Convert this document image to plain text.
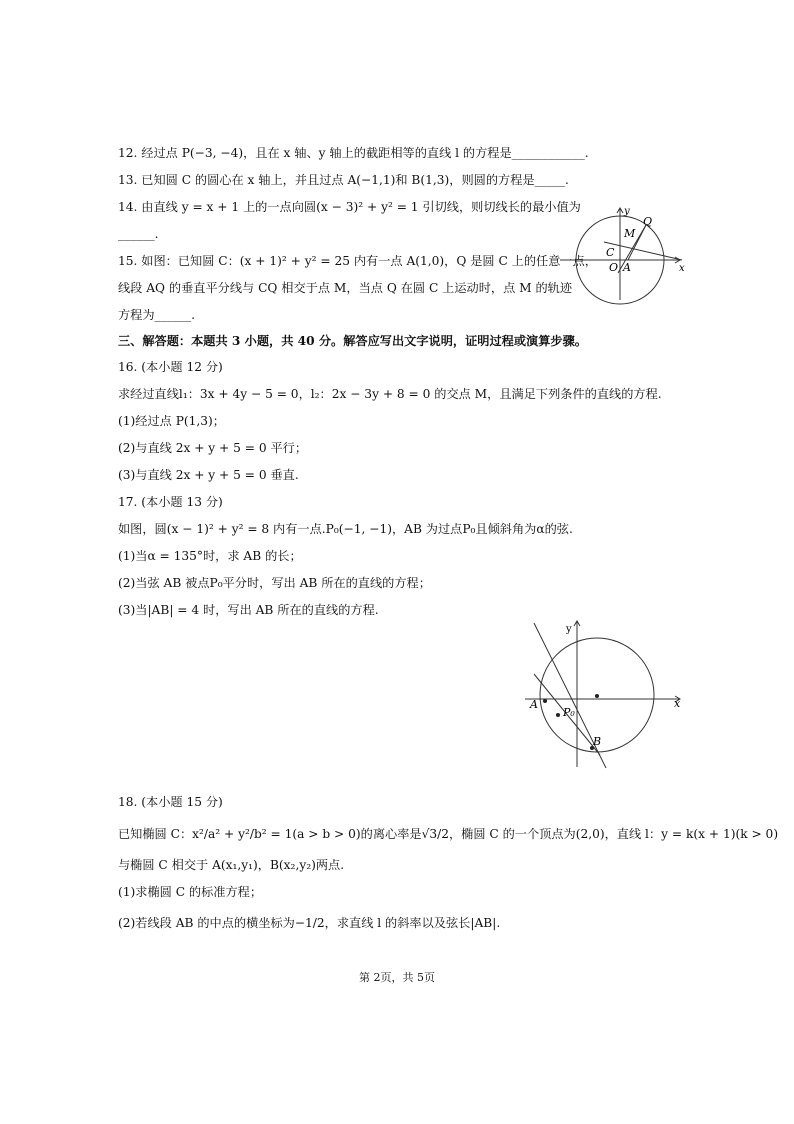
12. 经过点 P(−3, −4)，且在 x 轴、y 轴上的截距相等的直线 l 的方程是____________.
13. 已知圆 C 的圆心在 x 轴上，并且过点 A(−1,1)和 B(1,3)，则圆的方程是_____.
14. 由直线 y = x + 1 上的一点向圆(x − 3)² + y² = 1 引切线，则切线长的最小值为
______.
15. 如图：已知圆 C：(x + 1)² + y² = 25 内有一点 A(1,0)，Q 是圆 C 上的任意一点，
线段 AQ 的垂直平分线与 CQ 相交于点 M，当点 Q 在圆 C 上运动时，点 M 的轨迹
方程为______.
三、解答题：本题共 3 小题，共 40 分。解答应写出文字说明，证明过程或演算步骤。
16. (本小题 12 分)
求经过直线l₁：3x + 4y − 5 = 0，l₂：2x − 3y + 8 = 0 的交点 M，且满足下列条件的直线的方程.
(1)经过点 P(1,3)；
(2)与直线 2x + y + 5 = 0 平行；
(3)与直线 2x + y + 5 = 0 垂直.
17. (本小题 13 分)
如图，圆(x − 1)² + y² = 8 内有一点.P₀(−1, −1)，AB 为过点P₀且倾斜角为α的弦.
(1)当α = 135°时，求 AB 的长；
(2)当弦 AB 被点P₀平分时，写出 AB 所在的直线的方程；
(3)当|AB| = 4 时，写出 AB 所在的直线的方程.
18. (本小题 15 分)
已知椭圆 C：x²/a² + y²/b² = 1(a > b > 0)的离心率是√3/2，椭圆 C 的一个顶点为(2,0)，直线 l：y = k(x + 1)(k > 0)
与椭圆 C 相交于 A(x₁,y₁)，B(x₂,y₂)两点.
(1)求椭圆 C 的标准方程；
(2)若线段 AB 的中点的横坐标为−1/2，求直线 l 的斜率以及弦长|AB|.
y
Q
M
C
O A	x
y
x
A
P₀
B
第 2页，共 5页
